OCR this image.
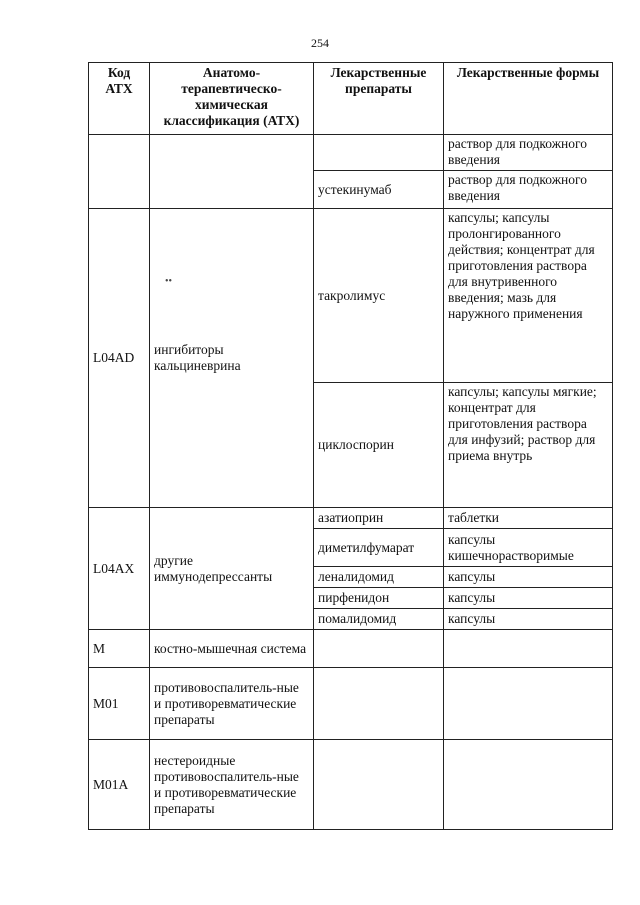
254
Код АТХ	Анатомо-терапевтическо-химическая классификация (АТХ)	Лекарственные препараты	Лекарственные формы
			раствор для подкожного введения
		устекинумаб	раствор для подкожного введения
L04AD	ингибиторы кальциневрина	такролимус	капсулы; капсулы пролонгированного действия; концентрат для приготовления раствора для внутривенного введения; мазь для наружного применения
		циклоспорин	капсулы; капсулы мягкие; концентрат для приготовления раствора для инфузий; раствор для приема внутрь
L04AX	другие иммунодепрессанты	азатиоприн	таблетки
		диметилфумарат	капсулы кишечнорастворимые
		леналидомид	капсулы
		пирфенидон	капсулы
		помалидомид	капсулы
M	костно-мышечная система		
M01	противовоспалитель-ные и противоревматические препараты		
M01A	нестероидные противовоспалитель-ные и противоревматические препараты		
••
